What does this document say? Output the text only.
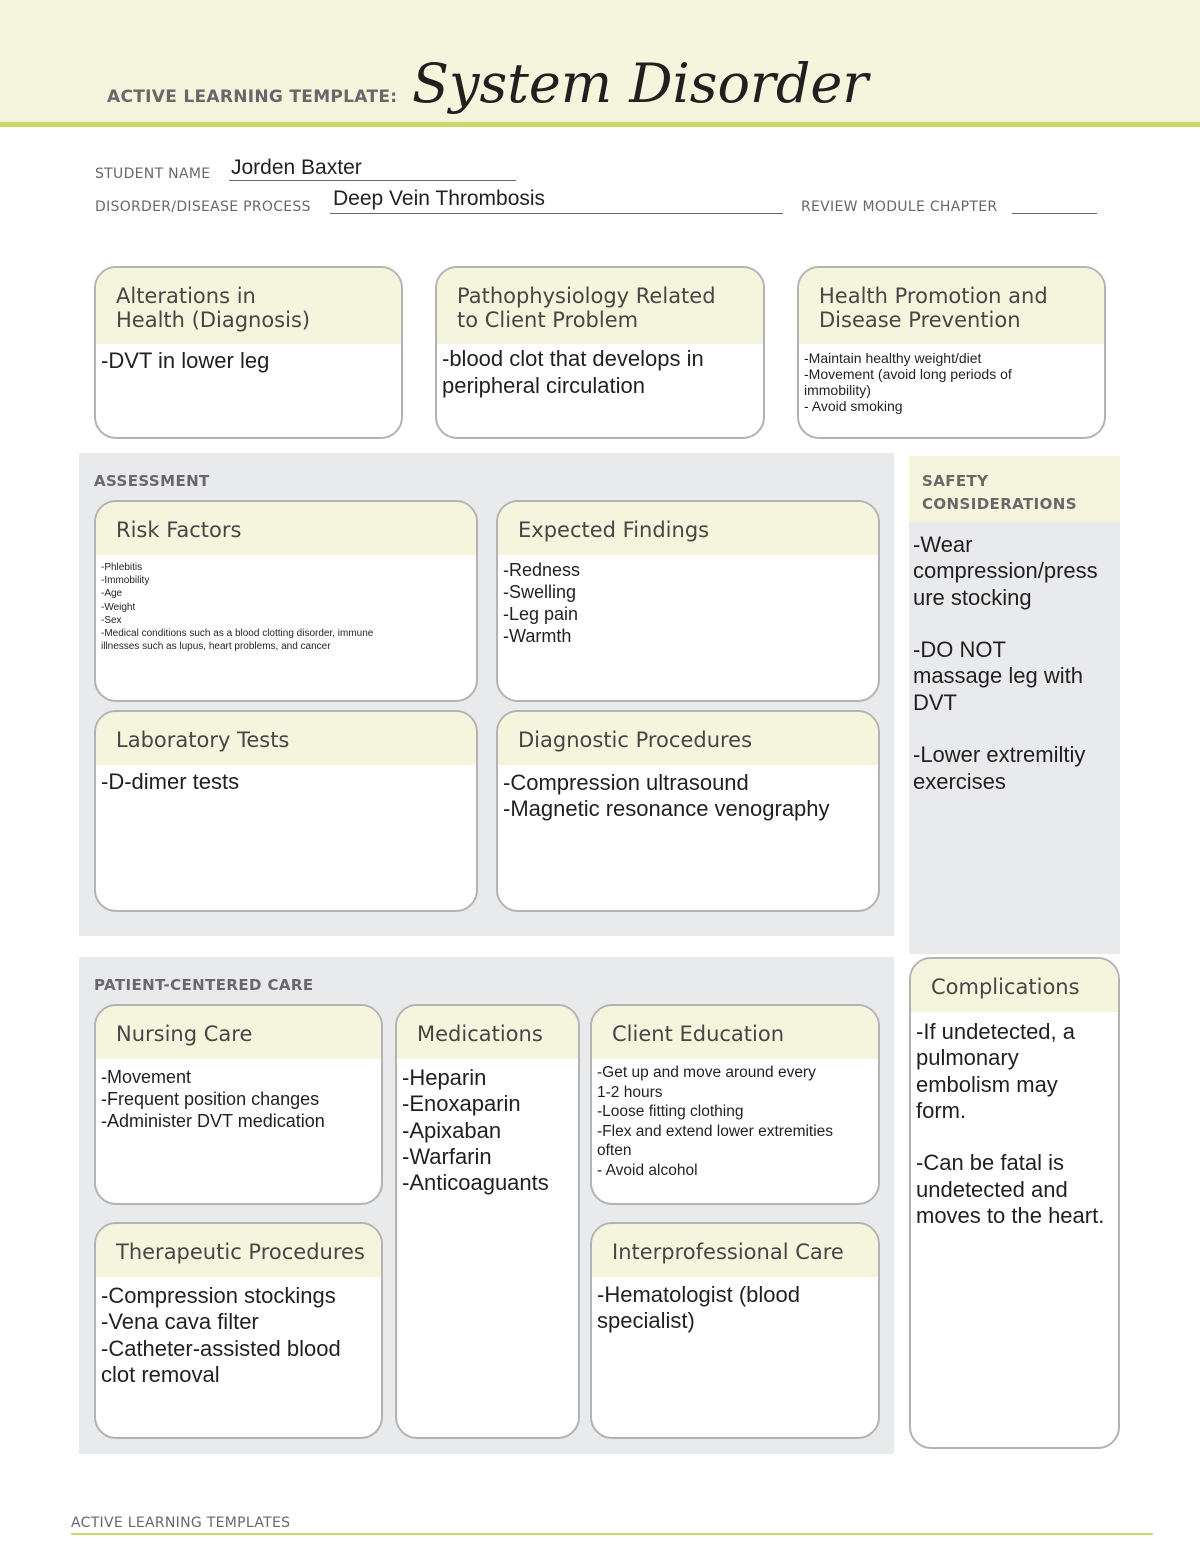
ACTIVE LEARNING TEMPLATE: System Disorder
STUDENT NAME Jorden Baxter
DISORDER/DISEASE PROCESS Deep Vein Thrombosis	REVIEW MODULE CHAPTER
Alterations in
Health (Diagnosis)
-DVT in lower leg
Pathophysiology Related
to Client Problem
-blood clot that develops in
peripheral circulation
Health Promotion and
Disease Prevention
-Maintain healthy weight/diet
-Movement (avoid long periods of
immobility)
- Avoid smoking
ASSESSMENT
Risk Factors
-Phlebitis
-Immobility
-Age
-Weight
-Sex
-Medical conditions such as a blood clotting disorder, immune
illnesses such as lupus, heart problems, and cancer
Expected Findings
-Redness
-Swelling
-Leg pain
-Warmth
Laboratory Tests
-D-dimer tests
Diagnostic Procedures
-Compression ultrasound
-Magnetic resonance venography
SAFETY
CONSIDERATIONS
-Wear
compression/press
ure stocking

-DO NOT
massage leg with
DVT

-Lower extremiltiy
exercises
PATIENT-CENTERED CARE
Nursing Care
-Movement
-Frequent position changes
-Administer DVT medication
Medications
-Heparin
-Enoxaparin
-Apixaban
-Warfarin
-Anticoaguants
Client Education
-Get up and move around every
1-2 hours
-Loose fitting clothing
-Flex and extend lower extremities
often
- Avoid alcohol
Therapeutic Procedures
-Compression stockings
-Vena cava filter
-Catheter-assisted blood
clot removal
Interprofessional Care
-Hematologist (blood
specialist)
Complications
-If undetected, a
pulmonary
embolism may
form.

-Can be fatal is
undetected and
moves to the heart.
ACTIVE LEARNING TEMPLATES
